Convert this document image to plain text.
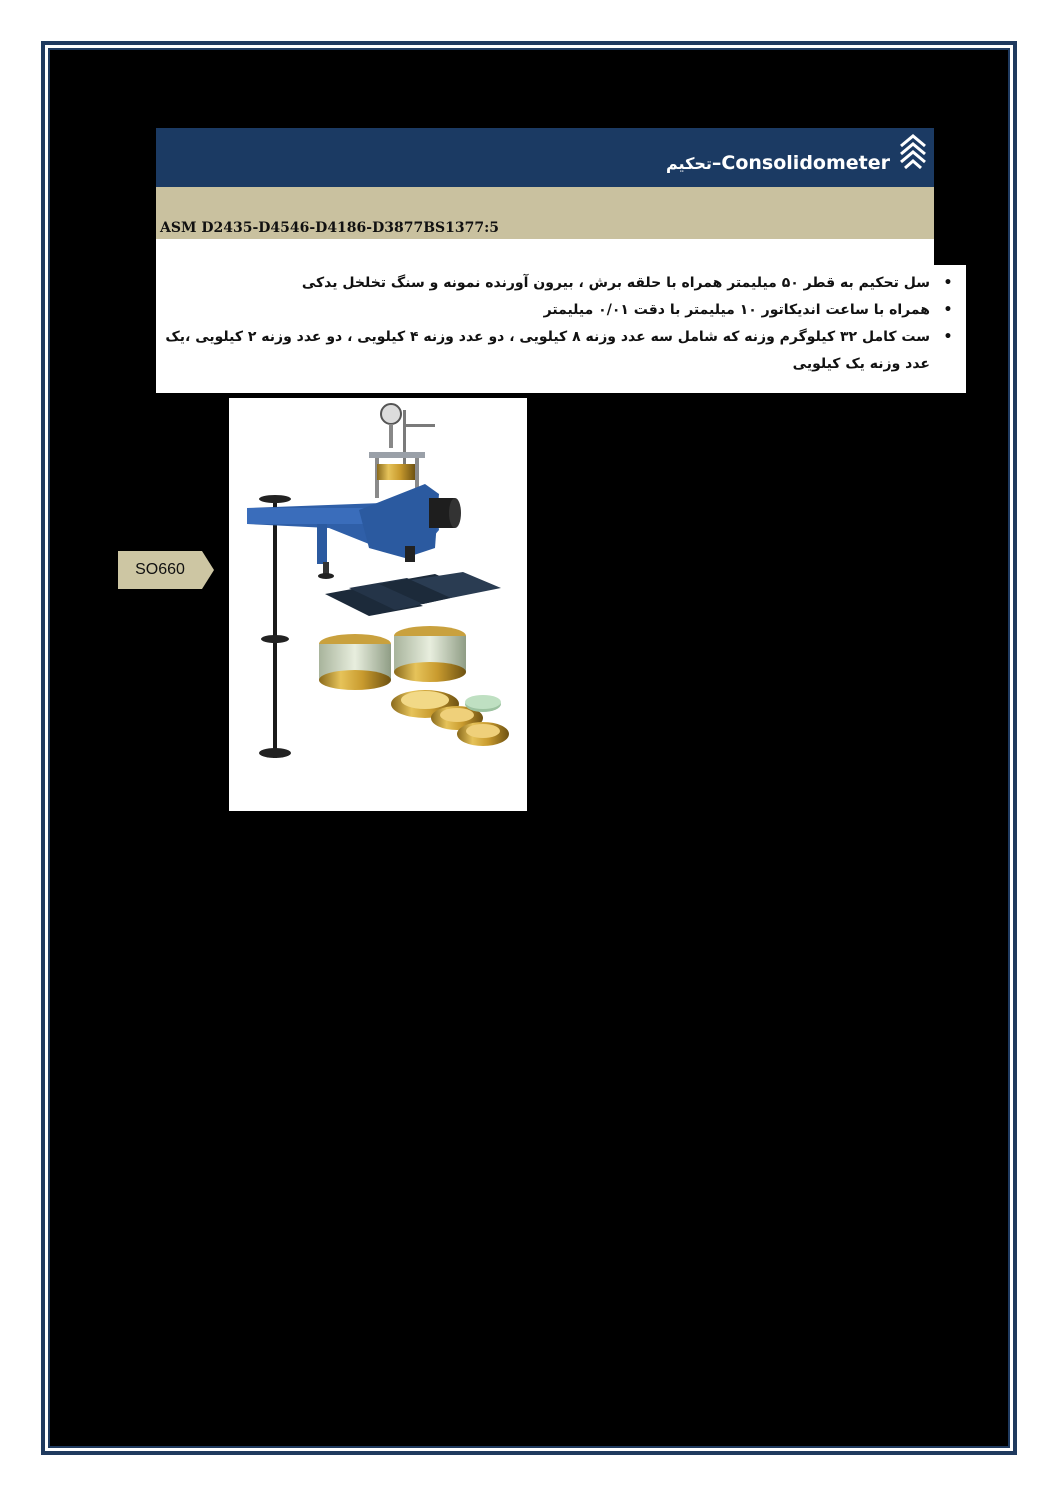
تحکیم–Consolidometer
ASM D2435-D4546-D4186-D3877BS1377:5
•
سل تحکیم به قطر ۵۰ میلیمتر همراه با حلقه برش ، بیرون آورنده نمونه و سنگ تخلخل یدکی
•
همراه با ساعت اندیکاتور ۱۰ میلیمتر با دقت ۰/۰۱ میلیمتر
•
ست کامل ۳۲ کیلوگرم وزنه که شامل سه عدد وزنه ۸ کیلویی ، دو عدد وزنه ۴ کیلویی ، دو عدد وزنه ۲ کیلویی ،یک عدد وزنه یک کیلویی
SO660
